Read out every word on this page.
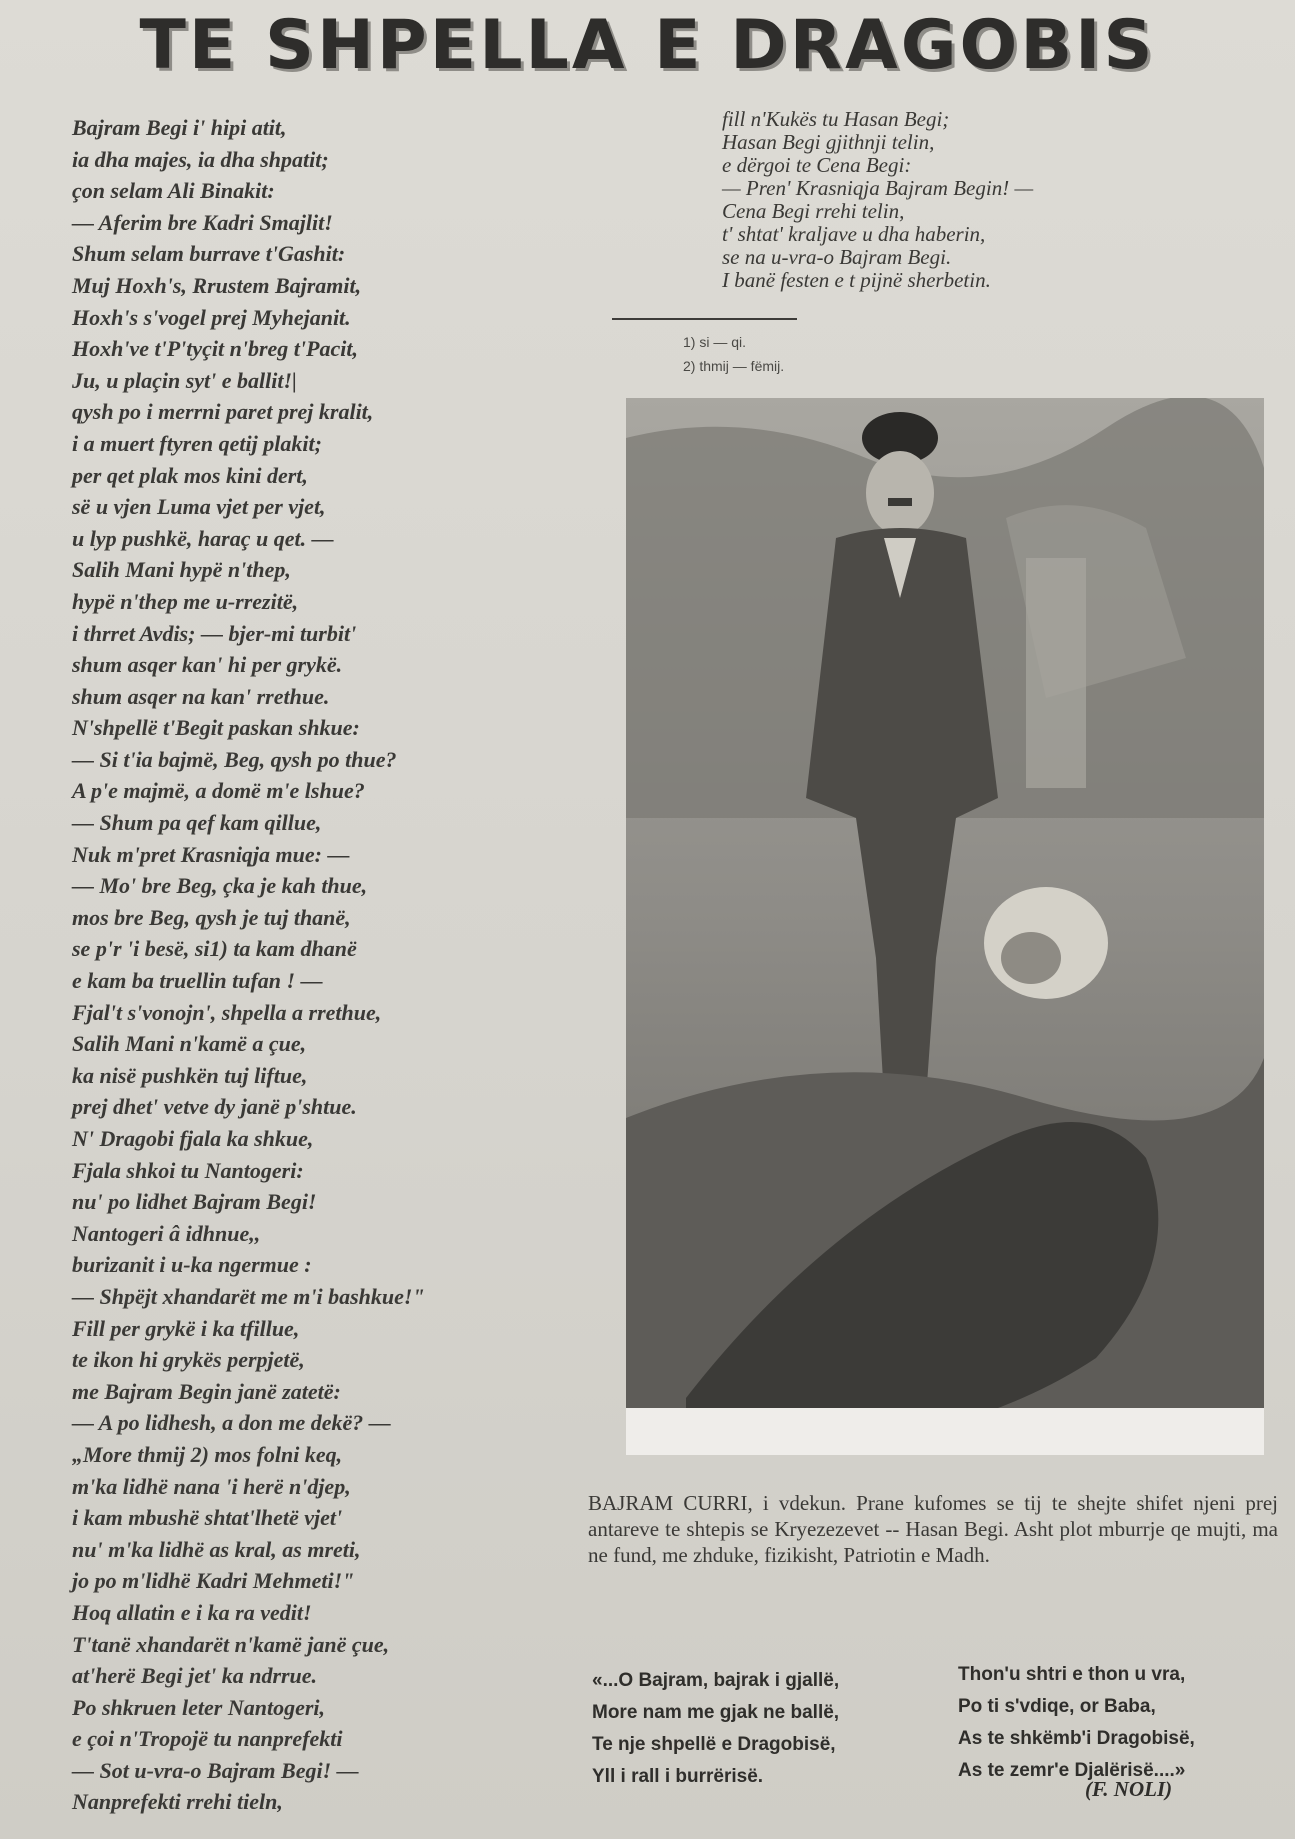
TE SHPELLA E DRAGOBIS
Bajram Begi i' hipi atit,
ia dha majes, ia dha shpatit;
çon selam Ali Binakit:
— Aferim bre Kadri Smajlit!
Shum selam burrave t'Gashit:
Muj Hoxh's, Rrustem Bajramit,
Hoxh's s'vogel prej Myhejanit.
Hoxh've t'P'tyçit n'breg t'Pacit,
Ju, u plaçin syt' e ballit!|
qysh po i merrni paret prej kralit,
i a muert ftyren qetij plakit;
per qet plak mos kini dert,
së u vjen Luma vjet per vjet,
u lyp pushkë, haraç u qet. —
Salih Mani hypë n'thep,
hypë n'thep me u-rrezitë,
i thrret Avdis; — bjer-mi turbit'
shum asqer kan' hi per grykë.
shum asqer na kan' rrethue.
N'shpellë t'Begit paskan shkue:
— Si t'ia bajmë, Beg, qysh po thue?
A p'e majmë, a domë m'e lshue?
— Shum pa qef kam qillue,
Nuk m'pret Krasniqja mue: —
— Mo' bre Beg, çka je kah thue,
mos bre Beg, qysh je tuj thanë,
se p'r 'i besë, si1) ta kam dhanë
e kam ba truellin tufan ! —
Fjal't s'vonojn', shpella a rrethue,
Salih Mani n'kamë a çue,
ka nisë pushkën tuj liftue,
prej dhet' vetve dy janë p'shtue.
N' Dragobi fjala ka shkue,
Fjala shkoi tu Nantogeri:
nu' po lidhet Bajram Begi!
Nantogeri â idhnue,,
burizanit i u-ka ngermue :
— Shpëjt xhandarët me m'i bashkue!"
Fill per grykë i ka tfillue,
te ikon hi grykës perpjetë,
me Bajram Begin janë zatetë:
— A po lidhesh, a don me dekë? —
„More thmij 2) mos folni keq,
m'ka lidhë nana 'i herë n'djep,
i kam mbushë shtat'lhetë vjet'
nu' m'ka lidhë as kral, as mreti,
jo po m'lidhë Kadri Mehmeti!"
Hoq allatin e i ka ra vedit!
T'tanë xhandarët n'kamë janë çue,
at'herë Begi jet' ka ndrrue.
Po shkruen leter Nantogeri,
e çoi n'Tropojë tu nanprefekti
— Sot u-vra-o Bajram Begi! —
Nanprefekti rrehi tieln,
fill n'Kukës tu Hasan Begi;
Hasan Begi gjithnji telin,
e dërgoi te Cena Begi:
— Pren' Krasniqja Bajram Begin! —
Cena Begi rrehi telin,
t' shtat' kraljave u dha haberin,
se na u-vra-o Bajram Begi.
I banë festen e t pijnë sherbetin.
1) si — qi.
2) thmij — fëmij.
BAJRAM CURRI, i vdekun. Prane kufomes se tij te shejte shifet njeni prej antareve te shtepis se Kryezezevet -- Hasan Begi. Asht plot mburrje qe mujti, ma ne fund, me zhduke, fizikisht, Patriotin e Madh.
«...O Bajram, bajrak i gjallë,
More nam me gjak ne ballë,
Te nje shpellë e Dragobisë,
Yll i rall i burrërisë.
Thon'u shtri e thon u vra,
Po ti s'vdiqe, or Baba,
As te shkëmb'i Dragobisë,
As te zemr'e Djalërisë....»
(F. NOLI)
